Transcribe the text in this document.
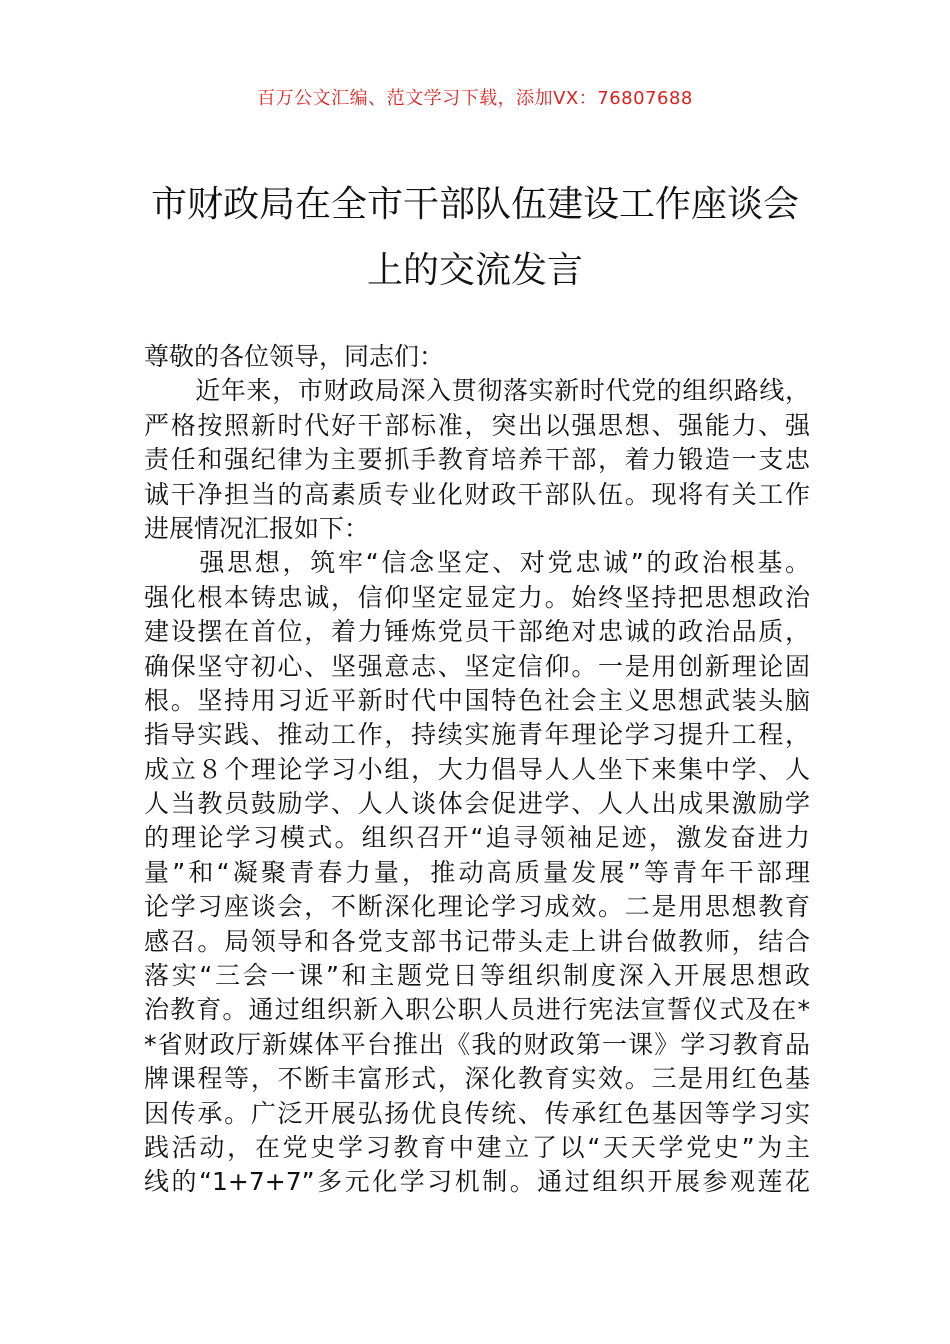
百万公文汇编、范文学习下载，添加VX：76807688
市财政局在全市干部队伍建设工作座谈会
上的交流发言
尊敬的各位领导，同志们：
　　近年来，市财政局深入贯彻落实新时代党的组织路线，
严格按照新时代好干部标准，突出以强思想、强能力、强
责任和强纪律为主要抓手教育培养干部，着力锻造一支忠
诚干净担当的高素质专业化财政干部队伍。现将有关工作
进展情况汇报如下：
　　强思想，筑牢“信念坚定、对党忠诚”的政治根基。
强化根本铸忠诚，信仰坚定显定力。始终坚持把思想政治
建设摆在首位，着力锤炼党员干部绝对忠诚的政治品质，
确保坚守初心、坚强意志、坚定信仰。一是用创新理论固
根。坚持用习近平新时代中国特色社会主义思想武装头脑
指导实践、推动工作，持续实施青年理论学习提升工程，
成立８个理论学习小组，大力倡导人人坐下来集中学、人
人当教员鼓励学、人人谈体会促进学、人人出成果激励学
的理论学习模式。组织召开“追寻领袖足迹，激发奋进力
量”和“凝聚青春力量，推动高质量发展”等青年干部理
论学习座谈会，不断深化理论学习成效。二是用思想教育
感召。局领导和各党支部书记带头走上讲台做教师，结合
落实“三会一课”和主题党日等组织制度深入开展思想政
治教育。通过组织新入职公职人员进行宪法宣誓仪式及在*
*省财政厅新媒体平台推出《我的财政第一课》学习教育品
牌课程等，不断丰富形式，深化教育实效。三是用红色基
因传承。广泛开展弘扬优良传统、传承红色基因等学习实
践活动，在党史学习教育中建立了以“天天学党史”为主
线的“1+7+7”多元化学习机制。通过组织开展参观莲花
